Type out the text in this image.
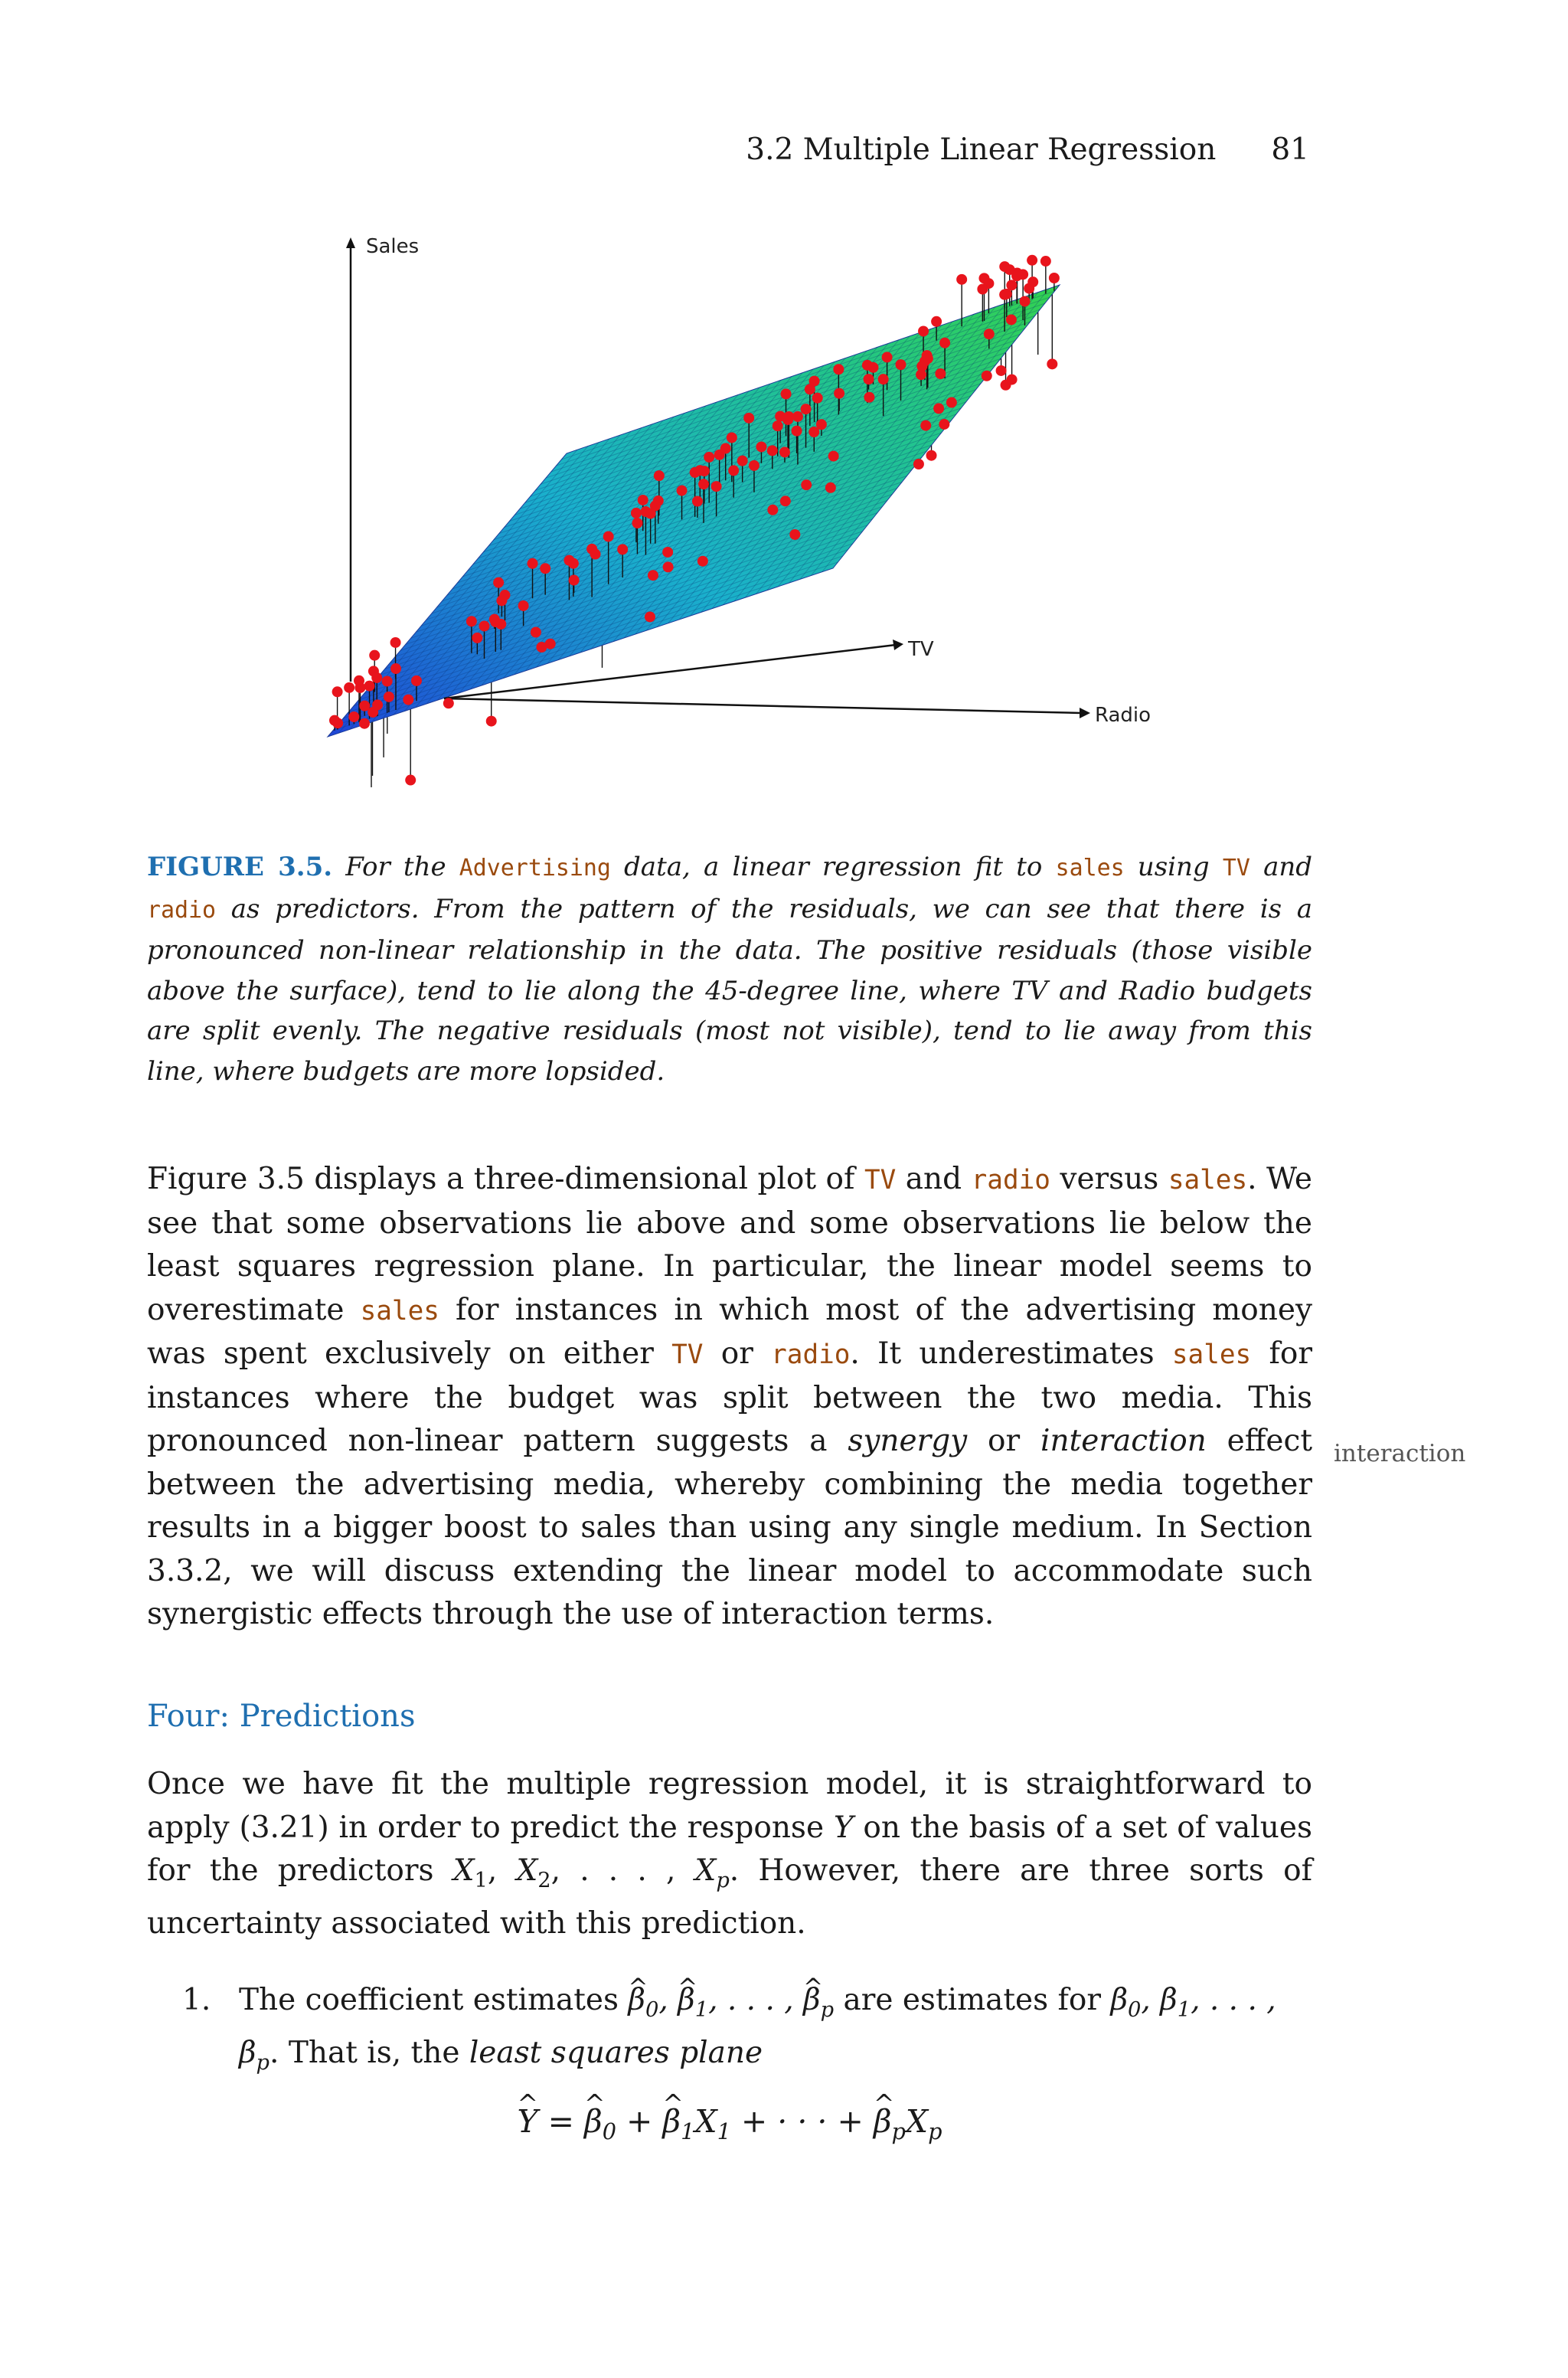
3.2 Multiple Linear Regression 81
Sales
TV
Radio
FIGURE 3.5. For the Advertising data, a linear regression fit to sales using TV and radio as predictors. From the pattern of the residuals, we can see that there is a pronounced non-linear relationship in the data. The positive residuals (those visible above the surface), tend to lie along the 45-degree line, where TV and Radio budgets are split evenly. The negative residuals (most not visible), tend to lie away from this line, where budgets are more lopsided.
Figure 3.5 displays a three-dimensional plot of TV and radio versus sales. We see that some observations lie above and some observations lie below the least squares regression plane. In particular, the linear model seems to overestimate sales for instances in which most of the advertising money was spent exclusively on either TV or radio. It underestimates sales for instances where the budget was split between the two media. This pronounced non-linear pattern suggests a synergy or interaction effect between the advertising media, whereby combining the media together results in a bigger boost to sales than using any single medium. In Section 3.3.2, we will discuss extending the linear model to accommodate such synergistic effects through the use of interaction terms.
interaction
Four: Predictions
Once we have fit the multiple regression model, it is straightforward to apply (3.21) in order to predict the response Y on the basis of a set of values for the predictors $X_1$, $X_2$, . . . , $X_p$. However, there are three sorts of uncertainty associated with this prediction.
1. The coefficient estimates ^ $\beta_0$, ^ $\beta_1$, . . . , ^ $\beta_p$ are estimates for $\beta_0$, $\beta_1$, . . . , $\beta_p$. That is, the least squares plane
^ Y = ^ $\beta_0$ + ^ $\beta_1X_1$ + · · · + ^ $\beta_pX_p$
